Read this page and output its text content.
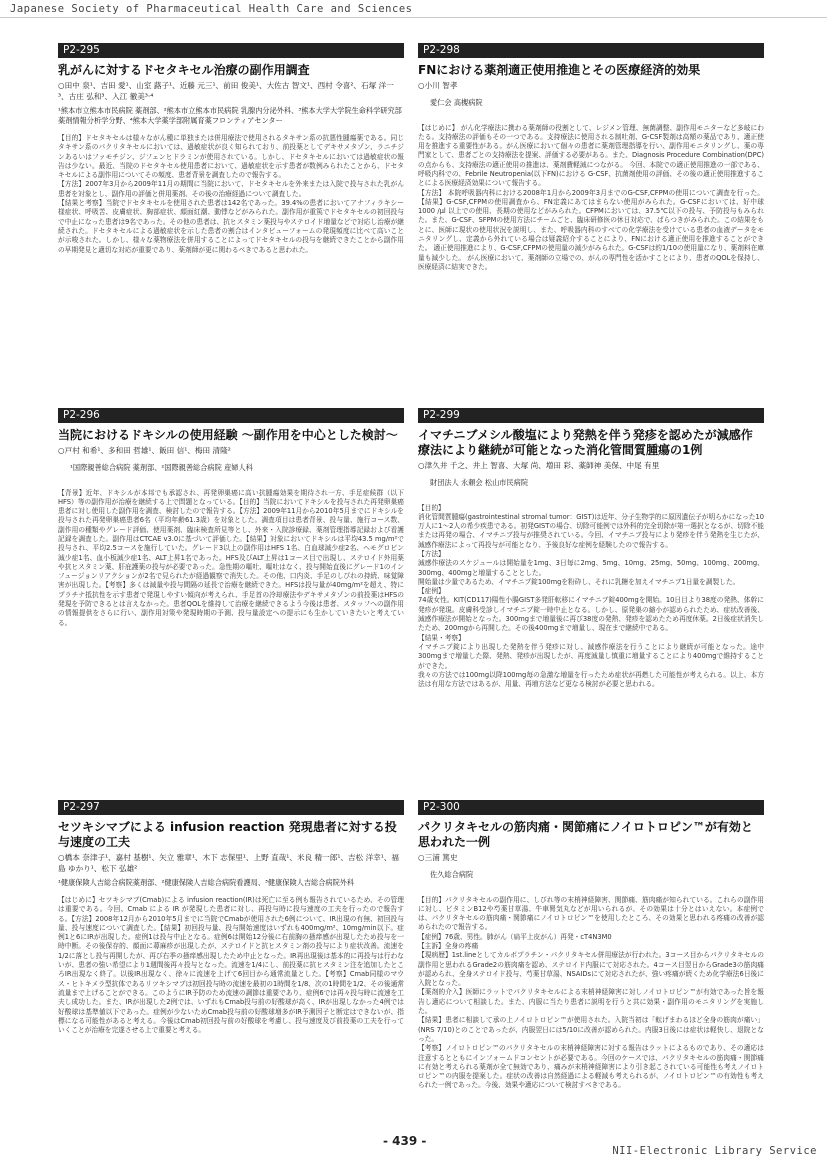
Japanese Society of Pharmaceutical Health Care and Sciences
P2-295
乳がんに対するドセタキセル治療の副作用調査
○田中 泉¹、吉田 愛¹、山室 蕗子¹、近藤 元三¹、前田 俊美¹、大佐古 智文¹、西村 令喜²、石塚 洋一³、古庄 弘和³、入江 徹美³·⁴
¹熊本市立熊本市民病院 薬剤部、²熊本市立熊本市民病院 乳腺内分泌外科、³熊本大学大学院生命科学研究部 薬剤情報分析学分野、⁴熊本大学薬学部附属育薬フロンティアセンター

【目的】ドセタキセルは様々ながん種に単独または併用療法で使用されるタキサン系の抗悪性腫瘍薬である。同じタキサン系のパクリタキセルにおいては、過敏症状が良く知られており、前投薬としてデキサメタゾン、ラニチジンあるいはファモチジン、ジフェンヒドラミンが使用されている。しかし、ドセタキセルにおいては過敏症状の報告は少ない。最近、当院のドセタキセル使用患者において、過敏症状を示す患者が数例みられたことから、ドセタキセルによる副作用についてその頻度、患者背景を調査したので報告する。

【方法】2007年3月から2009年11月の期間に当院において、ドセタキセルを外来または入院で投与された乳がん患者を対象とし、副作用の評価と併用薬剤、その後の治療経過について調査した。

【結果と考察】当院でドセタキセルを使用された患者は142名であった。39.4%の患者においてアナフィラキシー様症状、呼吸苦、皮膚症状、胸部症状、顔面紅潮、動悸などがみられた。副作用が重篤でドセタキセルの初回投与で中止になった患者は9名であった。その他の患者は、抗ヒスタミン薬投与やステロイド増量などで対応し治療が継続された。ドセタキセルによる過敏症状を示した患者の割合はインタビューフォームの発現頻度に比べて高いことが示唆された。しかし、様々な薬物療法を併用することによってドセタキセルの投与を継続できたことから副作用の早期発見と適切な対応が重要であり、薬剤師が更に関わるべきであると思われた。

P2-298
FNにおける薬剤適正使用推進とその医療経済的効果
○小川 智孝
愛仁会 高槻病院

【はじめに】 がん化学療法に携わる薬剤師の役割として、レジメン管理、無菌調整、副作用モニターなど多岐にわたる。支持療法の評価もその一つである。支持療法に使用される制吐剤、G-CSF製剤は高額の薬品であり、適正使用を推進する重要性がある。がん医療において個々の患者に薬剤管理指導を行い、副作用モニタリングし、薬の専門家として、患者ごとの支持療法を提案、評価する必要がある。また、Diagnosis Procedure Combination(DPC)の点からも、支持療法の適正使用の推進は、薬剤費軽減につながる。 今回、本院での適正使用推進の一部である、呼吸内科での、Febrile Neutropenia(以下FN)における G-CSF、抗菌剤使用の評価、その後の適正使用推進することによる医療経済効果について報告する。

【方法】 本院呼吸器内科における2008年1月から2009年3月までのG-CSF,CFPMの使用について調査を行った。【結果】G-CSF,CFPMの使用調査から、FN定義にあてはまらない使用がみられた。G-CSFにおいては、好中球1000 /μl 以上での使用、長期の使用などがみられた。CFPMにおいては、37.5℃以下の投与、予防投与もみられた。また、G-CSF、SFPMの使用方法にチームごと、臨床研修医の休日対応で、ばらつきがみられた。この結果をもとに、医師に現状の使用状況を説明し、また、呼吸器内科のすべての化学療法を受けている患者の血液データをモニタリングし、定義から外れている場合は疑義紹介することにより、FNにおける適正使用を推進することができた。 適正使用推進により、G-CSF,CFPMの使用量の減少がみられた。G-CSFは約1/10の使用量になり、薬剤料在庫量も減少した。 がん医療において、薬剤師の立場での、がんの専門性を活かすことにより、患者のQOLを保持し、医療経済に結実できた。

P2-296
当院におけるドキシルの使用経験 ～副作用を中心とした検討～
○戸村 和希¹、多和田 哲雄¹、飯田 信¹、梅田 清隆²
¹国際親善総合病院 薬剤部、²国際親善総合病院 産婦人科

【背景】近年、ドキシルが本邦でも承認され、再発卵巣癌に高い抗腫瘍効果を期待され一方、手足症候群（以下HFS）等の副作用が治療を継続する上で問題となっている。【目的】当院においてドキシルを投与された再発卵巣癌患者に対し使用した副作用を調査、検討したので報告する。【方法】2009年11月から2010年5月までにドキシルを投与された再発卵巣癌患者6名（平均年齢61.3歳）を対象とした。調査項目は患者背景、投与量、施行コース数、副作用の種類やグレード評価、使用薬剤、臨床検査所見等とし、外来・入院診療録、薬剤管理指導記録および看護記録を調査した。副作用はCTCAE v3.0に基づいて評価した。【結果】対象においてドキシルは平均43.5 mg/m²で投与され、平均2.5コースを施行していた。グレード3以上の副作用はHFS 1名、白血球減少症2名、ヘモグロビン減少症1名、血小板減少症1名、ALT上昇1名であった。HFS及びALT上昇は1コース目で出現し、ステロイド外用薬や抗ヒスタミン薬、肝庇護薬の投与が必要であった。急性期の嘔吐、嘔吐はなく、投与開始直後にグレード1のインフュージョンリアクションが2名で見られたが経過観察で消失した。その他、口内炎、手足のしびれの持続、味覚障害が出現した。【考察】多くは減量や投与間隔の延長で治療を継続できた。HFSは投与量が40mg/m²を超え、特にプラチナ抵抗性を示す患者で発現しやすい傾向が考えられ、手足首の冷却療法やデキサメタゾンの前投薬はHFSの発現を予防できるとは言えなかった。患者QOLを維持して治療を継続できるよう今後は患者、スタッフへの副作用の情報提供をさらに行い、副作用対策や発現時期の予測、投与量設定への提示にも生かしていきたいと考えている。

P2-299
イマチニブメシル酸塩により発熱を伴う発疹を認めたが減感作療法により継続が可能となった消化管間質腫瘍の1例
○津久井 千之、井上 智喜、大塚 尚、増田 彩、薬師神 美保、中尾 有里
財団法人 永頼会 松山市民病院

【目的】

消化管間質腫瘍(gastrointestinal stromal tumor：GIST)は近年、分子生物学的に原因遺伝子が明らかになった10万人に1～2人の希少疾患である。初発GISTの場合、切除可能例では外科的完全切除が第一選択となるが、切除不能または再発の場合、イマチニブ投与が推奨されている。今回、イマチニブ投与により発疹を伴う発熱を生じたが、減感作療法によって再投与が可能となり、予後良好な症例を経験したので報告する。

【方法】

減感作療法のスケジュールは開始量を1mg、3日毎に2mg、5mg、10mg、25mg、50mg、100mg、200mg、300mg、400mgと増量することとした。

開始量は少量であるため、イマチニブ錠100mgを粉砕し、それに乳糖を加えイマチニブ1日量を調製した。

【症例】

74歳女性。KIT(CD117)陽性小腸GIST多発肝転移にイマチニブ錠400mgを開始。10日目より38度の発熱、体幹に発疹が発現。皮膚科受診しイマチニブ錠一時中止となる。しかし、原発巣の縮小が認められたため、症状改善後、減感作療法が開始となった。300mgまで増量後に再び38度の発熱、発疹を認めたため再度休薬。2日後症状消失したため、200mgから再開した。その後400mgまで増量し、現在まで継続中である。

【結果・考察】

イマチニブ錠により出現した発熱を伴う発疹に対し、減感作療法を行うことにより継続が可能となった。途中300mgまで増量した際、発熱、発疹が出現したが、再度減量し慎重に増量することにより400mgで維持することができた。

我々の方法では100mg以降100mg毎の急激な増量を行ったため症状が再燃した可能性が考えられる。以上、本方法は有用な方法ではあるが、用量、再増方法など更なる検討が必要と思われる。

P2-297
セツキシマブによる infusion reaction 発現患者に対する投与速度の工夫
○橋本 奈津子¹、嘉村 基樹¹、矢立 雅章¹、木下 志保里¹、上野 直哉¹、米良 精一郎¹、吉松 洋幸¹、福島 ゆかり¹、松下 弘雄²
¹健康保険人吉総合病院薬剤部、²健康保険人吉総合病院看護局、³健康保険人吉総合病院外科

【はじめに】セツキシマブ(Cmab)による infusion reaction(IR)は死亡に至る例も報告されているため、その管理は重要である。今回、Cmab による IR が発現した患者に対し、再投与時に投与速度の工夫を行ったので報告する。【方法】2008年12月から2010年5月までに当院でCmabが使用された6例について、IR出現の有無、初回投与量、投与速度について調査した。【結果】初回投与量、投与開始速度はいずれも400mg/m²、10mg/min以下。症例1と6にIRが出現した。症例1は投与中止となる。症例6は開始12分後に右前胸の掻痒感が出現したため投与を一時中断。その後保存的、顔面に蕁麻疹が出現したが、ステロイドと抗ヒスタミン剤の投与により症状改善。流速を1/2に落とし投与再開したが、再び右季の掻痒感出現したため中止となった。IR再出現後は基本的に再投与は行わないが、患者の強い希望により1週間後再々投与となった。流速を1/4にし、前投薬に抗ヒスタミン注を追加したところIR出現なく終了。以後IR出現なく、徐々に流速を上げて6回目から通常流量とした。【考察】Cmab同様のマウス・ヒトキメラ型抗体であるリツキシマブは初回投与時の流速を最初の1時間を1/8、次の1時間を1/2、その後通常流量まで上げることができる。このようにIR予防のため流速の調節は重要であり、症例6では再々投与時に流速を工夫し成功した。また、IRが出現した2例では、いずれもCmab投与前の好酸球が高く、IRが出現しなかった4例では好酸球は基準値以下であった。症例が少ないためCmab投与前の好酸球増多がIR予測因子と断定はできないが、指標になる可能性があると考える。今後はCmab初回投与前の好酸球を考慮し、投与速度及び前投薬の工夫を行っていくことが治療を完遂させる上で重要と考える。

P2-300
パクリタキセルの筋肉痛・関節痛にノイロトロピン™が有効と思われた一例
○三浦 篤史
佐久総合病院

【目的】パクリタキセルの副作用に、しびれ等の末梢神経障害、関節痛、筋肉痛が知られている。これらの副作用に対し、ビタミンB12や芍薬甘草湯、牛車腎気丸などが用いられるが、その効果は十分とはいえない。本症例では、パクリタキセルの筋肉痛・関節痛にノイロトロピン™を使用したところ、その効果と思われる疼痛の改善が認められたので報告する。

【症例】76歳、男性。肺がん（扁平上皮がん）再発・cT4N3M0

【主訴】全身の疼痛

【現病歴】1st.lineとしてカルボプラチン・パクリタキセル併用療法が行われた。3コース目からパクリタキセルの副作用と思われるGrade2の筋肉痛を認め、ステロイド内服にて対応された。4コース目翌日からGrade3の筋肉痛が認められ、全身ステロイド投与、芍薬甘草湯、NSAIDsにて対応されたが、強い疼痛が続くため化学療法6日後に入院となった。

【薬剤的介入】医師にラットでパクリタキセルによる末梢神経障害に対しノイロトロピン™が有効であった旨を報告し適応について相談した。また、内服に当たり患者に説明を行うと共に効果・副作用のモニタリングを実施した。

【結果】患者に相談して承の上ノイロトロピン™が使用された。入院当初は「転げまわるほど全身の筋肉が痛い」(NRS 7/10)とのことであったが、内服翌日には5/10に改善が認められた。内服3日後には症状は軽快し、退院となった。

【考察】ノイロトロピン™のパクリタキセルの末梢神経障害に対する報告はラットによるものであり、その適応は注意するとともにインフォームドコンセントが必要である。今回のケースでは、パクリタキセルの筋肉痛・関節痛に有効と考えられる薬剤が全て無効であり、痛みが末梢神経障害により引き起こされている可能性も考えノイロトロピン™の内服を提案した。症状の改善は自然経過による軽減も考えられるが、ノイロトロピン™の有効性も考えられた一例であった。今後、効果や適応について検討すべきである。

- 439 -
NII-Electronic Library Service
